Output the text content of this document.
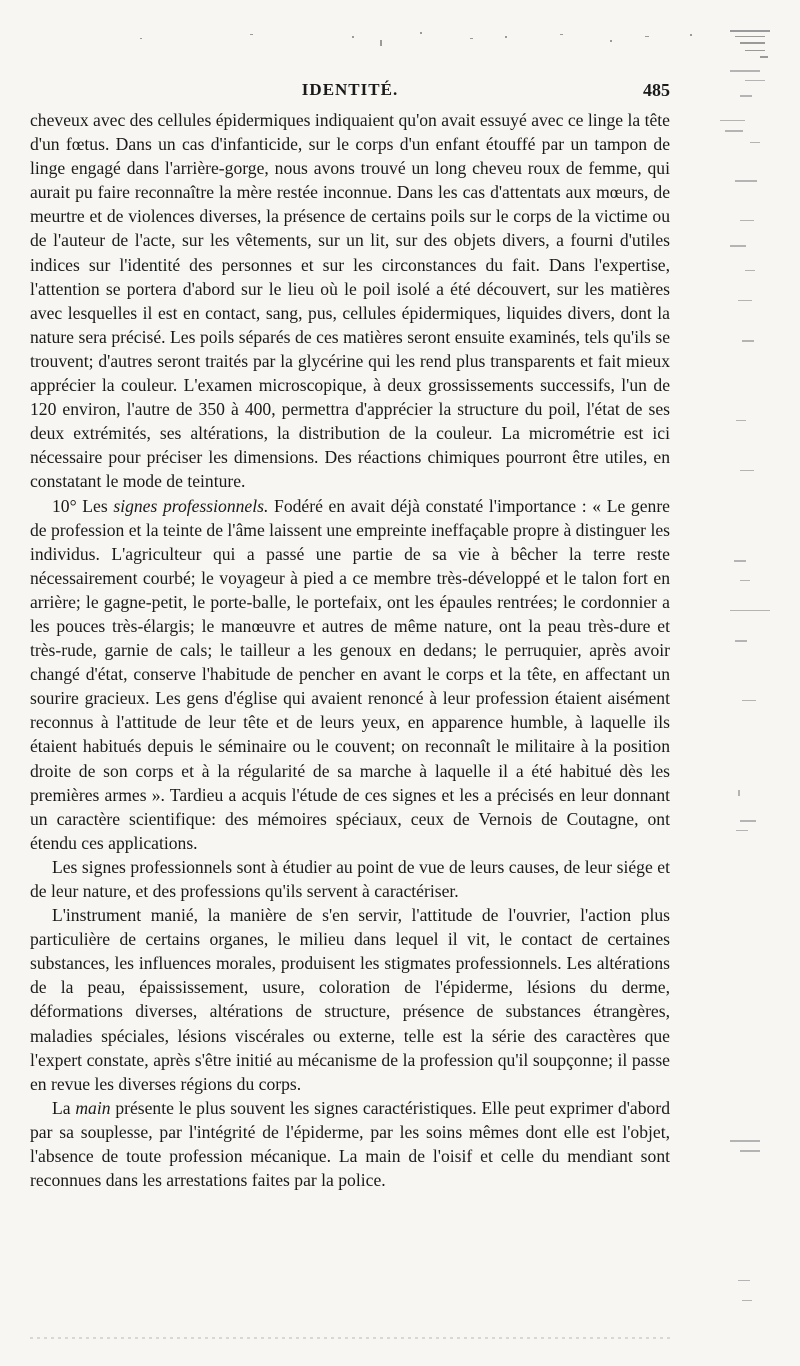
IDENTITÉ.	485

cheveux avec des cellules épidermiques indiquaient qu'on avait essuyé avec ce linge la tête d'un fœtus. Dans un cas d'infanticide, sur le corps d'un enfant étouffé par un tampon de linge engagé dans l'arrière-gorge, nous avons trouvé un long cheveu roux de femme, qui aurait pu faire reconnaître la mère restée inconnue. Dans les cas d'attentats aux mœurs, de meurtre et de violences diverses, la présence de certains poils sur le corps de la victime ou de l'auteur de l'acte, sur les vêtements, sur un lit, sur des objets divers, a fourni d'utiles indices sur l'identité des personnes et sur les circonstances du fait. Dans l'expertise, l'attention se portera d'abord sur le lieu où le poil isolé a été découvert, sur les matières avec lesquelles il est en contact, sang, pus, cellules épidermiques, liquides divers, dont la nature sera précisé. Les poils séparés de ces matières seront ensuite examinés, tels qu'ils se trouvent; d'autres seront traités par la glycérine qui les rend plus transparents et fait mieux apprécier la couleur. L'examen microscopique, à deux grossissements successifs, l'un de 120 environ, l'autre de 350 à 400, permettra d'apprécier la structure du poil, l'état de ses deux extrémités, ses altérations, la distribution de la couleur. La micrométrie est ici nécessaire pour préciser les dimensions. Des réactions chimiques pourront être utiles, en constatant le mode de teinture.

10° Les signes professionnels. Fodéré en avait déjà constaté l'importance : « Le genre de profession et la teinte de l'âme laissent une empreinte ineffaçable propre à distinguer les individus. L'agriculteur qui a passé une partie de sa vie à bêcher la terre reste nécessairement courbé; le voyageur à pied a ce membre très-développé et le talon fort en arrière; le gagne-petit, le porte-balle, le portefaix, ont les épaules rentrées; le cordonnier a les pouces très-élargis; le manœuvre et autres de même nature, ont la peau très-dure et très-rude, garnie de cals; le tailleur a les genoux en dedans; le perruquier, après avoir changé d'état, conserve l'habitude de pencher en avant le corps et la tête, en affectant un sourire gracieux. Les gens d'église qui avaient renoncé à leur profession étaient aisément reconnus à l'attitude de leur tête et de leurs yeux, en apparence humble, à laquelle ils étaient habitués depuis le séminaire ou le couvent; on reconnaît le militaire à la position droite de son corps et à la régularité de sa marche à laquelle il a été habitué dès les premières armes ». Tardieu a acquis l'étude de ces signes et les a précisés en leur donnant un caractère scientifique: des mémoires spéciaux, ceux de Vernois de Coutagne, ont étendu ces applications.

Les signes professionnels sont à étudier au point de vue de leurs causes, de leur siége et de leur nature, et des professions qu'ils servent à caractériser.

L'instrument manié, la manière de s'en servir, l'attitude de l'ouvrier, l'action plus particulière de certains organes, le milieu dans lequel il vit, le contact de certaines substances, les influences morales, produisent les stigmates professionnels. Les altérations de la peau, épaississement, usure, coloration de l'épiderme, lésions du derme, déformations diverses, altérations de structure, présence de substances étrangères, maladies spéciales, lésions viscérales ou externe, telle est la série des caractères que l'expert constate, après s'être initié au mécanisme de la profession qu'il soupçonne; il passe en revue les diverses régions du corps.

La main présente le plus souvent les signes caractéristiques. Elle peut exprimer d'abord par sa souplesse, par l'intégrité de l'épiderme, par les soins mêmes dont elle est l'objet, l'absence de toute profession mécanique. La main de l'oisif et celle du mendiant sont reconnues dans les arrestations faites par la police.
